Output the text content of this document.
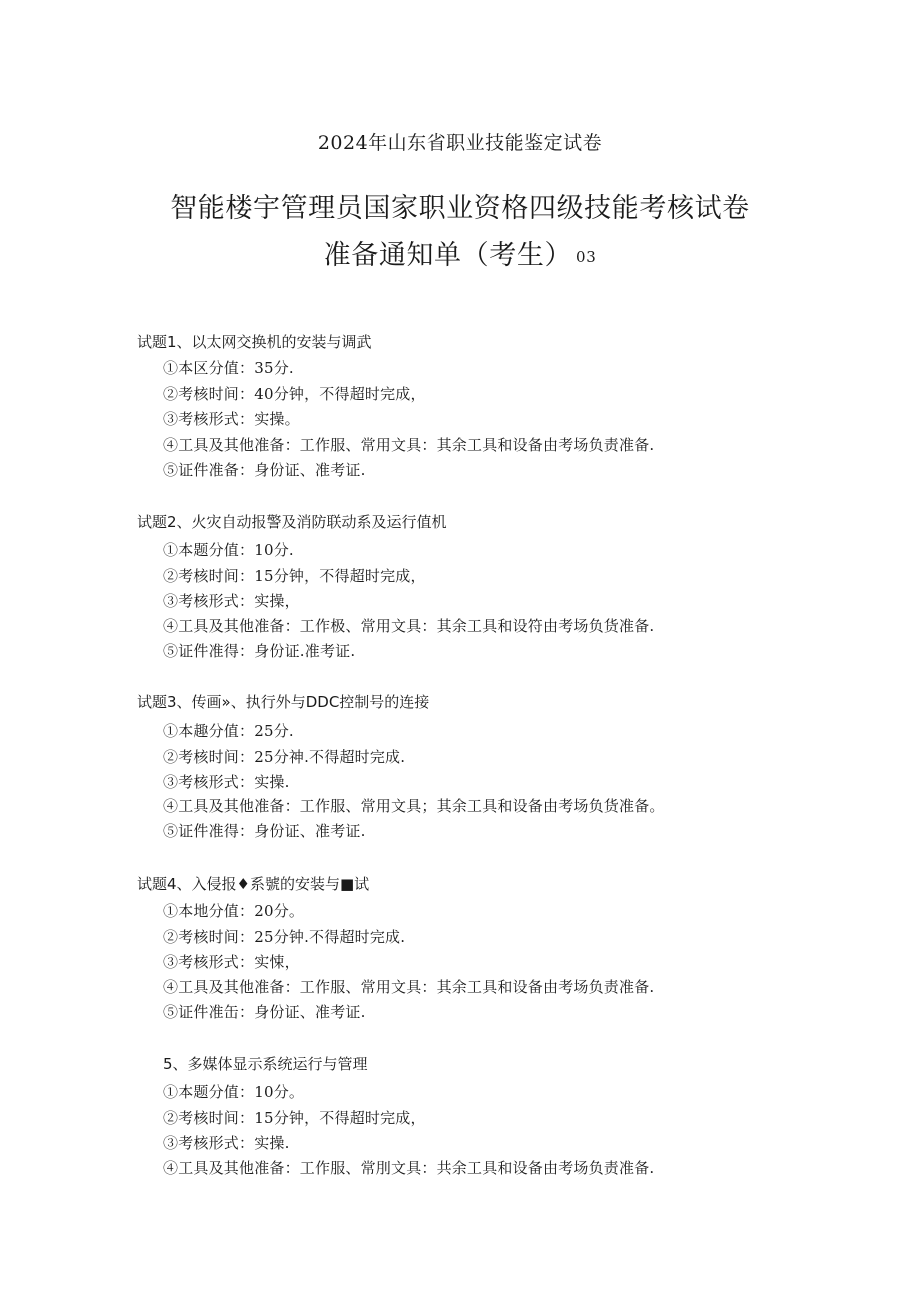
2024年山东省职业技能鉴定试卷
智能楼宇管理员国家职业资格四级技能考核试卷
准备通知单（考生） 03
试题1、以太网交换机的安装与调武
①本区分值：35分.
②考核时间：40分钟，不得超时完成，
③考核形式：实操。
④工具及其他准备：工作服、常用文具：其余工具和设备由考场负责准备.
⑤证件准备：身份证、准考证.
试题2、火灾自动报警及消防联动系及运行值机
①本题分值：10分.
②考核时间：15分钟，不得超时完成，
③考核形式：实操，
④工具及其他准备：工作极、常用文具：其余工具和设符由考场负货准备.
⑤证件准得：身份证.准考证.
试题3、传画»、执行外与DDC控制号的连接
①本趣分值：25分.
②考核时间：25分神.不得超时完成.
③考核形式：实操.
④工具及其他准备：工作服、常用文具；其余工具和设备由考场负货准备。
⑤证件准得：身份证、准考证.
试题4、入侵报♦系號的安装与■试
①本地分值：20分。
②考核时间：25分钟.不得超时完成.
③考核形式：实悚，
④工具及其他准备：工作服、常用文具：其余工具和设备由考场负责准备.
⑤证件准缶：身份证、准考证.
5、多媒体显示系统运行与管理
①本题分值：10分。
②考核时间：15分钟，不得超时完成，
③考核形式：实操.
④工具及其他准备：工作服、常刖文具：共余工具和设备由考场负责准备.
